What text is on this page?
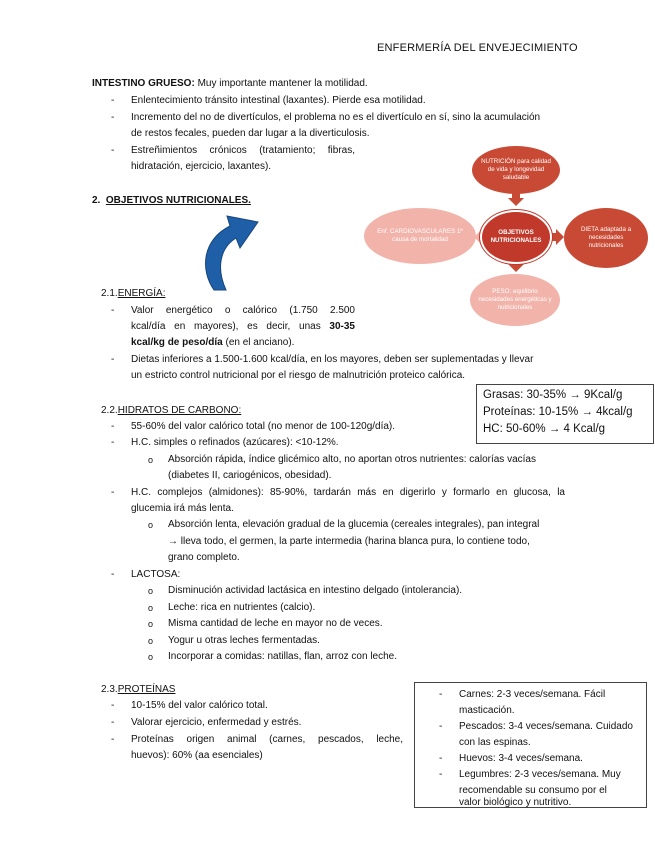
ENFERMERÍA DEL ENVEJECIMIENTO
INTESTINO GRUESO: Muy importante mantener la motilidad.
- Enlentecimiento tránsito intestinal (laxantes). Pierde esa motilidad.
- Incremento del no de divertículos, el problema no es el divertículo en sí, sino la acumulación
de restos fecales, pueden dar lugar a la diverticulosis.
- Estreñimientos crónicos (tratamiento; fibras,
hidratación, ejercicio, laxantes).
2. OBJETIVOS NUTRICIONALES.
NUTRICIÓN para calidad de vida y longevidad saludable
OBJETIVOS NUTRICIONALES
DIETA adaptada a necesidades nutricionales
PESO: equilibrio necesidades energéticas y nutricionales
Enf. CARDIOVASCULARES 1ª causa de mortalidad
2.1.ENERGÍA:
- Valor energético o calórico (1.750 2.500
kcal/día en mayores), es decir, unas 30-35
kcal/kg de peso/día (en el anciano).
- Dietas inferiores a 1.500-1.600 kcal/día, en los mayores, deben ser suplementadas y llevar
un estricto control nutricional por el riesgo de malnutrición proteico calórica.
Grasas: 30-35% → 9Kcal/g
Proteínas: 10-15% → 4kcal/g
HC: 50-60% → 4 Kcal/g
2.2.HIDRATOS DE CARBONO:
- 55-60% del valor calórico total (no menor de 100-120g/día).
- H.C. simples o refinados (azúcares): <10-12%.
o Absorción rápida, índice glicémico alto, no aportan otros nutrientes: calorías vacías
(diabetes II, cariogénicos, obesidad).
- H.C. complejos (almidones): 85-90%, tardarán más en digerirlo y formarlo en glucosa, la
glucemia irá más lenta.
o Absorción lenta, elevación gradual de la glucemia (cereales integrales), pan integral
→ lleva todo, el germen, la parte intermedia (harina blanca pura, lo contiene todo,
grano completo.
- LACTOSA:
o Disminución actividad lactásica en intestino delgado (intolerancia).
o Leche: rica en nutrientes (calcio).
o Misma cantidad de leche en mayor no de veces.
o Yogur u otras leches fermentadas.
o Incorporar a comidas: natillas, flan, arroz con leche.
2.3.PROTEÍNAS
- 10-15% del valor calórico total.
- Valorar ejercicio, enfermedad y estrés.
- Proteínas origen animal (carnes, pescados, leche,
huevos): 60% (aa esenciales)
- Carnes: 2-3 veces/semana. Fácil
masticación.
- Pescados: 3-4 veces/semana. Cuidado
con las espinas.
- Huevos: 3-4 veces/semana.
- Legumbres: 2-3 veces/semana. Muy
recomendable su consumo por el
valor biológico y nutritivo.
